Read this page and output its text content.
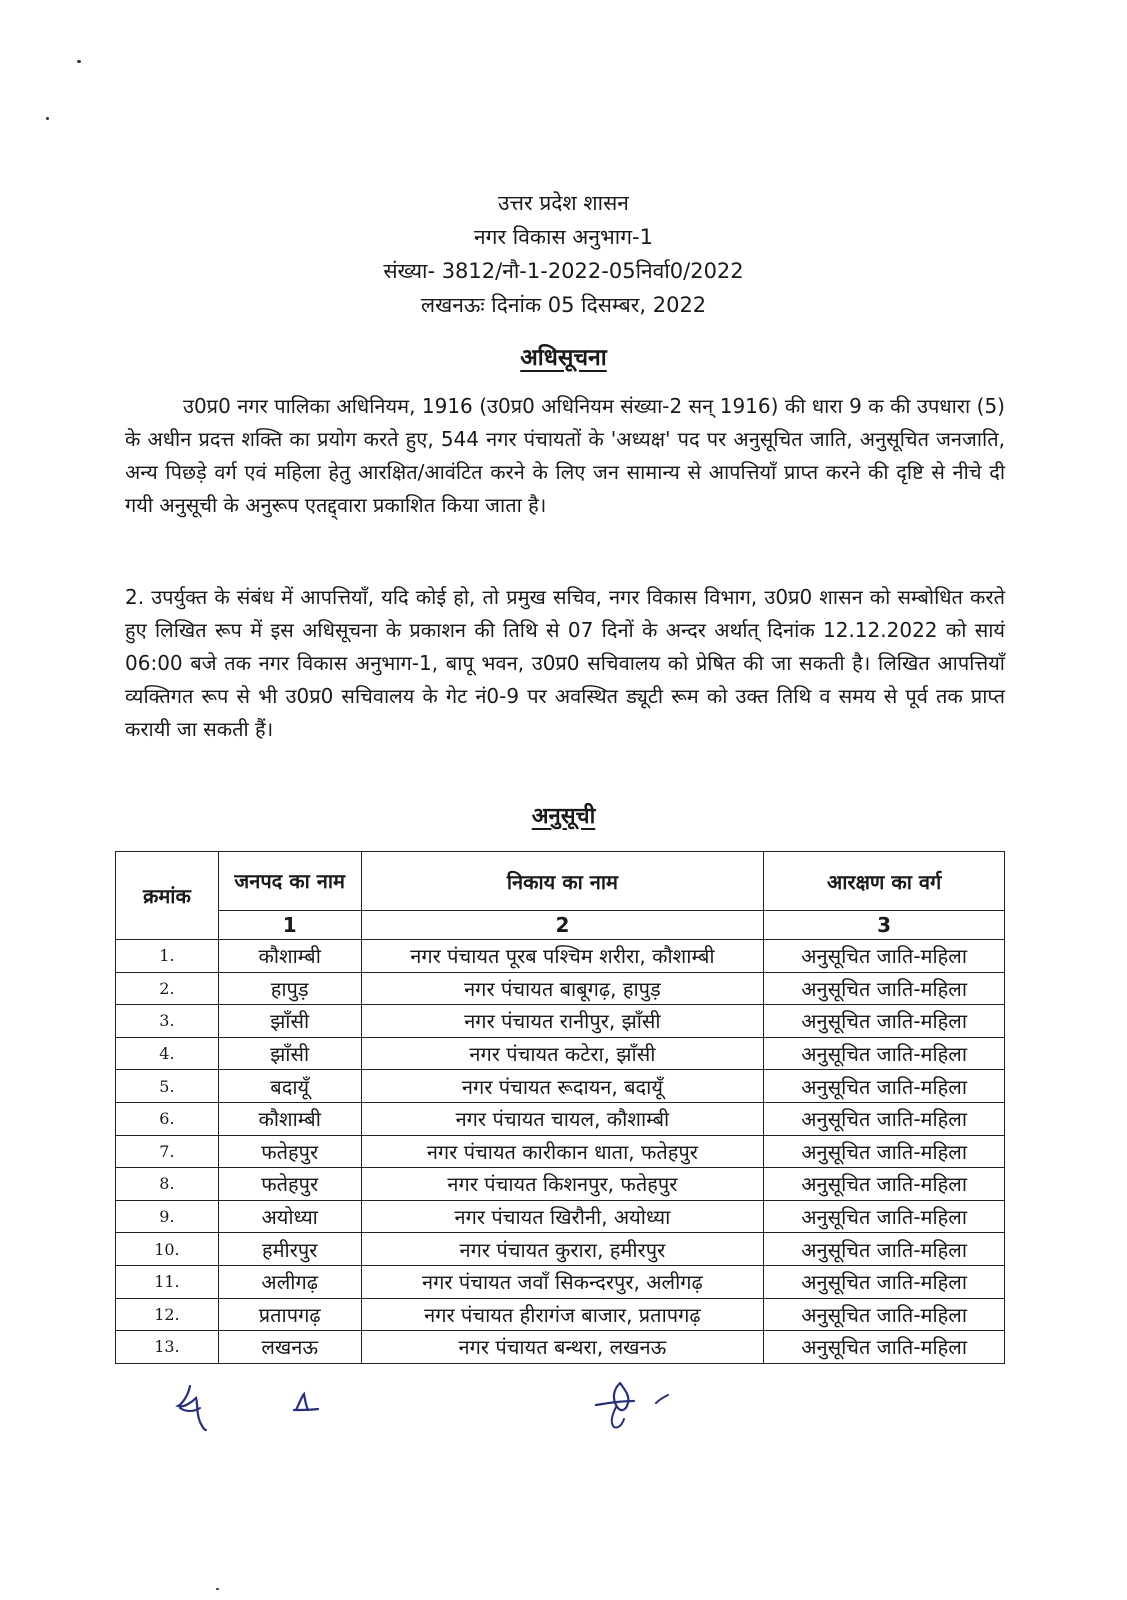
उत्तर प्रदेश शासन
नगर विकास अनुभाग-1
संख्या- 3812/नौ-1-2022-05निर्वा0/2022
लखनऊः दिनांक 05 दिसम्बर, 2022
अधिसूचना
उ0प्र0 नगर पालिका अधिनियम, 1916 (उ0प्र0 अधिनियम संख्या-2 सन् 1916) की धारा 9 क की उपधारा (5) के अधीन प्रदत्त शक्ति का प्रयोग करते हुए, 544 नगर पंचायतों के 'अध्यक्ष' पद पर अनुसूचित जाति, अनुसूचित जनजाति, अन्य पिछड़े वर्ग एवं महिला हेतु आरक्षित/आवंटित करने के लिए जन सामान्य से आपत्तियाँ प्राप्त करने की दृष्टि से नीचे दी गयी अनुसूची के अनुरूप एतद्द्वारा प्रकाशित किया जाता है।
2. उपर्युक्त के संबंध में आपत्तियाँ, यदि कोई हो, तो प्रमुख सचिव, नगर विकास विभाग, उ0प्र0 शासन को सम्बोधित करते हुए लिखित रूप में इस अधिसूचना के प्रकाशन की तिथि से 07 दिनों के अन्दर अर्थात् दिनांक 12.12.2022 को सायं 06:00 बजे तक नगर विकास अनुभाग-1, बापू भवन, उ0प्र0 सचिवालय को प्रेषित की जा सकती है। लिखित आपत्तियाँ व्यक्तिगत रूप से भी उ0प्र0 सचिवालय के गेट नं0-9 पर अवस्थित ड्यूटी रूम को उक्त तिथि व समय से पूर्व तक प्राप्त करायी जा सकती हैं।
अनुसूची
क्रमांक	जनपद का नाम	निकाय का नाम	आरक्षण का वर्ग
	1	2	3
1.	कौशाम्बी	नगर पंचायत पूरब पश्चिम शरीरा, कौशाम्बी	अनुसूचित जाति-महिला
2.	हापुड़	नगर पंचायत बाबूगढ़, हापुड़	अनुसूचित जाति-महिला
3.	झाँसी	नगर पंचायत रानीपुर, झाँसी	अनुसूचित जाति-महिला
4.	झाँसी	नगर पंचायत कटेरा, झाँसी	अनुसूचित जाति-महिला
5.	बदायूँ	नगर पंचायत रूदायन, बदायूँ	अनुसूचित जाति-महिला
6.	कौशाम्बी	नगर पंचायत चायल, कौशाम्बी	अनुसूचित जाति-महिला
7.	फतेहपुर	नगर पंचायत कारीकान धाता, फतेहपुर	अनुसूचित जाति-महिला
8.	फतेहपुर	नगर पंचायत किशनपुर, फतेहपुर	अनुसूचित जाति-महिला
9.	अयोध्या	नगर पंचायत खिरौनी, अयोध्या	अनुसूचित जाति-महिला
10.	हमीरपुर	नगर पंचायत कुरारा, हमीरपुर	अनुसूचित जाति-महिला
11.	अलीगढ़	नगर पंचायत जवाँ सिकन्दरपुर, अलीगढ़	अनुसूचित जाति-महिला
12.	प्रतापगढ़	नगर पंचायत हीरागंज बाजार, प्रतापगढ़	अनुसूचित जाति-महिला
13.	लखनऊ	नगर पंचायत बन्थरा, लखनऊ	अनुसूचित जाति-महिला
